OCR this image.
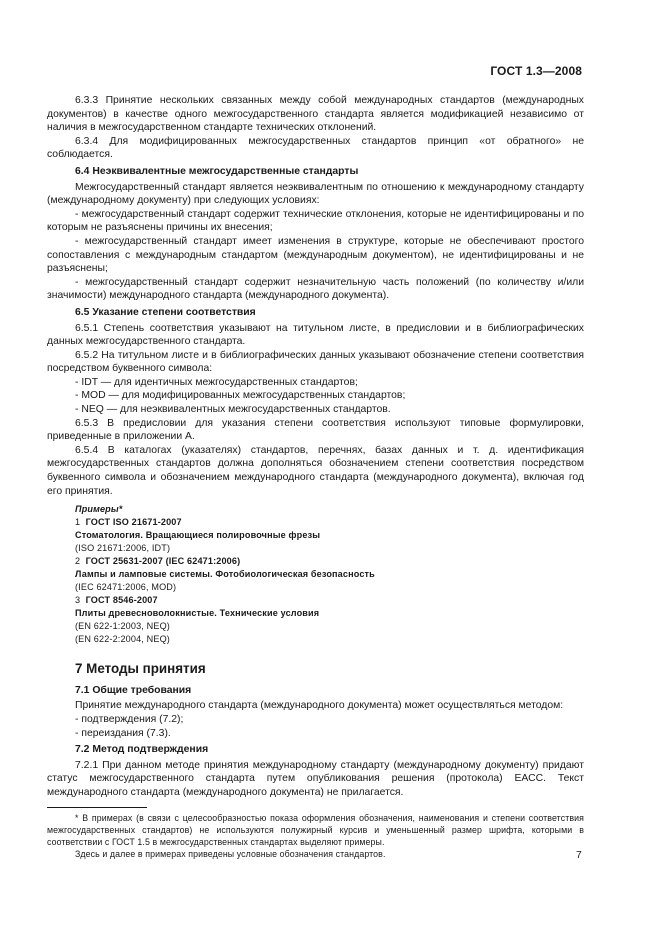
ГОСТ 1.3—2008

6.3.3 Принятие нескольких связанных между собой международных стандартов (международных документов) в качестве одного межгосударственного стандарта является модификацией независимо от наличия в межгосударственном стандарте технических отклонений.

6.3.4 Для модифицированных межгосударственных стандартов принцип «от обратного» не соблюдается.

6.4 Неэквивалентные межгосударственные стандарты

Межгосударственный стандарт является неэквивалентным по отношению к международному стандарту (международному документу) при следующих условиях:

- межгосударственный стандарт содержит технические отклонения, которые не идентифицированы и по которым не разъяснены причины их внесения;

- межгосударственный стандарт имеет изменения в структуре, которые не обеспечивают простого сопоставления с международным стандартом (международным документом), не идентифицированы и не разъяснены;

- межгосударственный стандарт содержит незначительную часть положений (по количеству и/или значимости) международного стандарта (международного документа).

6.5 Указание степени соответствия

6.5.1 Степень соответствия указывают на титульном листе, в предисловии и в библиографических данных межгосударственного стандарта.

6.5.2 На титульном листе и в библиографических данных указывают обозначение степени соответствия посредством буквенного символа:

- IDT — для идентичных межгосударственных стандартов;

- MOD — для модифицированных межгосударственных стандартов;

- NEQ — для неэквивалентных межгосударственных стандартов.

6.5.3 В предисловии для указания степени соответствия используют типовые формулировки, приведенные в приложении А.

6.5.4 В каталогах (указателях) стандартов, перечнях, базах данных и т. д. идентификация межгосударственных стандартов должна дополняться обозначением степени соответствия посредством буквенного символа и обозначением международного стандарта (международного документа), включая год его принятия.

Примеры*
1 ГОСТ ISO 21671-2007
Стоматология. Вращающиеся полировочные фрезы
(ISO 21671:2006, IDT)
2 ГОСТ 25631-2007 (IEC 62471:2006)
Лампы и ламповые системы. Фотобиологическая безопасность
(IEC 62471:2006, MOD)
3 ГОСТ 8546-2007
Плиты древесноволокнистые. Технические условия
(EN 622-1:2003, NEQ)
(EN 622-2:2004, NEQ)

7 Методы принятия

7.1 Общие требования

Принятие международного стандарта (международного документа) может осуществляться методом:

- подтверждения (7.2);

- переиздания (7.3).

7.2 Метод подтверждения

7.2.1 При данном методе принятия международному стандарту (международному документу) придают статус межгосударственного стандарта путем опубликования решения (протокола) ЕАСС. Текст международного стандарта (международного документа) не прилагается.

* В примерах (в связи с целесообразностью показа оформления обозначения, наименования и степени соответствия межгосударственных стандартов) не используются полужирный курсив и уменьшенный размер шрифта, которыми в соответствии с ГОСТ 1.5 в межгосударственных стандартах выделяют примеры.

Здесь и далее в примерах приведены условные обозначения стандартов.	7
